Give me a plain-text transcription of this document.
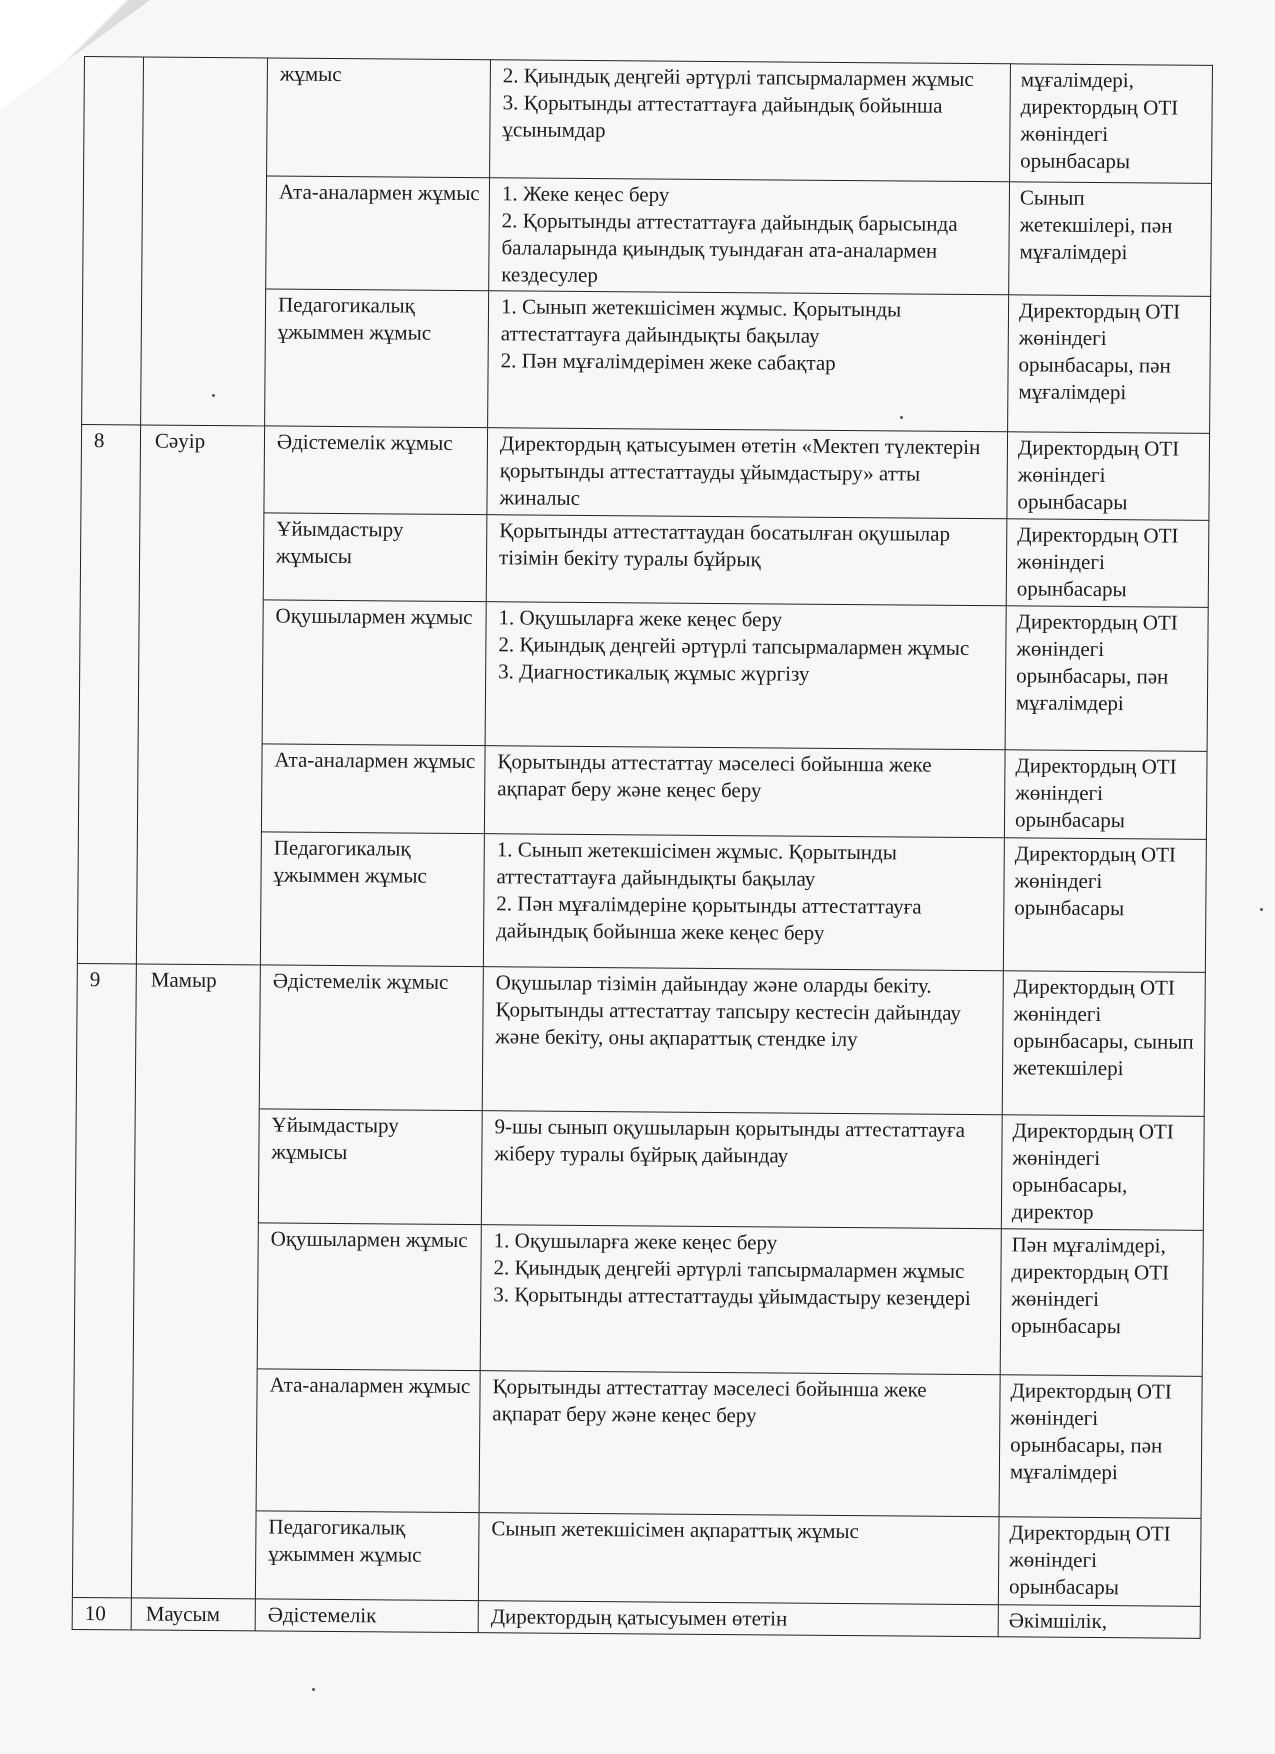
		жұмыс	2. Қиындық деңгейі әртүрлі тапсырмалармен жұмыс
3. Қорытынды аттестаттауға дайындық бойынша ұсынымдар	мұғалімдері, директордың ОТІ жөніндегі орынбасары
		Ата-аналармен жұмыс	1. Жеке кеңес беру
2. Қорытынды аттестаттауға дайындық барысында балаларында қиындық туындаған ата-аналармен кездесулер	Сынып жетекшілері, пән мұғалімдері
		Педагогикалық ұжыммен жұмыс	1. Сынып жетекшісімен жұмыс. Қорытынды аттестаттауға дайындықты бақылау
2. Пән мұғалімдерімен жеке сабақтар	Директордың ОТІ жөніндегі орынбасары, пән мұғалімдері
8	Сәуір	Әдістемелік жұмыс	Директордың қатысуымен өтетін «Мектеп түлектерін қорытынды аттестаттауды ұйымдастыру» атты жиналыс	Директордың ОТІ жөніндегі орынбасары
		Ұйымдастыру жұмысы	Қорытынды аттестаттаудан босатылған оқушылар тізімін бекіту туралы бұйрық	Директордың ОТІ жөніндегі орынбасары
		Оқушылармен жұмыс	1. Оқушыларға жеке кеңес беру
2. Қиындық деңгейі әртүрлі тапсырмалармен жұмыс
3. Диагностикалық жұмыс жүргізу	Директордың ОТІ жөніндегі орынбасары, пән мұғалімдері
		Ата-аналармен жұмыс	Қорытынды аттестаттау мәселесі бойынша жеке ақпарат беру және кеңес беру	Директордың ОТІ жөніндегі орынбасары
		Педагогикалық ұжыммен жұмыс	1. Сынып жетекшісімен жұмыс. Қорытынды аттестаттауға дайындықты бақылау
2. Пән мұғалімдеріне қорытынды аттестаттауға дайындық бойынша жеке кеңес беру	Директордың ОТІ жөніндегі орынбасары
9	Мамыр	Әдістемелік жұмыс	Оқушылар тізімін дайындау және оларды бекіту.
Қорытынды аттестаттау тапсыру кестесін дайындау және бекіту, оны ақпараттық стендке ілу	Директордың ОТІ жөніндегі орынбасары, сынып жетекшілері
		Ұйымдастыру жұмысы	9-шы сынып оқушыларын қорытынды аттестаттауға жіберу туралы бұйрық дайындау	Директордың ОТІ жөніндегі орынбасары, директор
		Оқушылармен жұмыс	1. Оқушыларға жеке кеңес беру
2. Қиындық деңгейі әртүрлі тапсырмалармен жұмыс
3. Қорытынды аттестаттауды ұйымдастыру кезеңдері	Пән мұғалімдері, директордың ОТІ жөніндегі орынбасары
		Ата-аналармен жұмыс	Қорытынды аттестаттау мәселесі бойынша жеке ақпарат беру және кеңес беру	Директордың ОТІ жөніндегі орынбасары, пән мұғалімдері
		Педагогикалық ұжыммен жұмыс	Сынып жетекшісімен ақпараттық жұмыс	Директордың ОТІ жөніндегі орынбасары
10	Маусым	Әдістемелік	Директордың қатысуымен өтетін	Әкімшілік,
